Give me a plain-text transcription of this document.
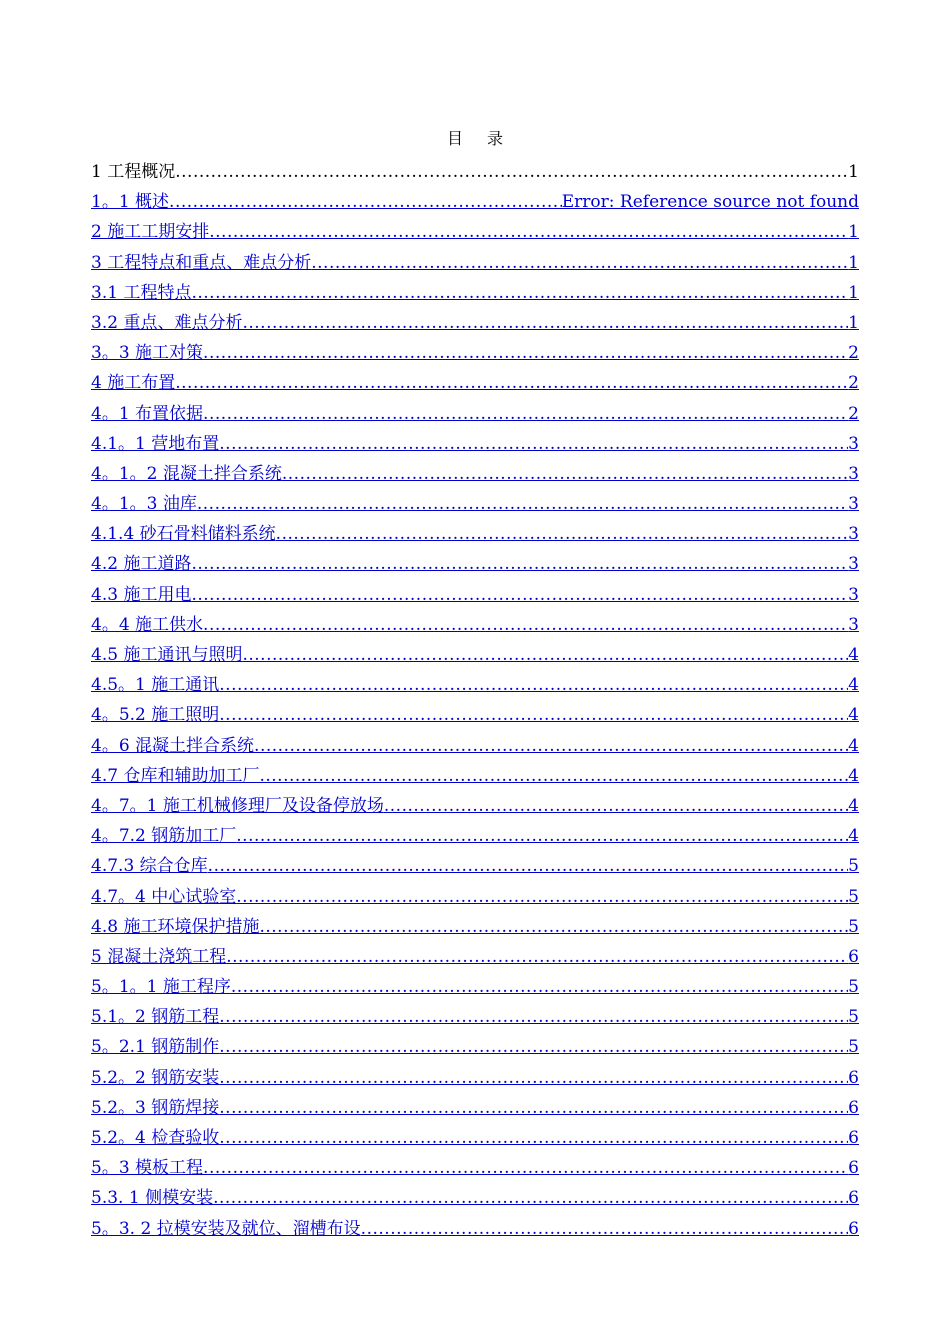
目录
1 工程概况 .....	1
1。1 概述 .....	Error: Reference source not found
2 施工工期安排 .....	1
3 工程特点和重点、难点分析 .....	1
3.1 工程特点 .....	1
3.2 重点、难点分析 .....	1
3。3 施工对策 .....	2
4 施工布置 .....	2
4。1 布置依据 .....	2
4.1。1 营地布置 .....	3
4。1。2 混凝土拌合系统 .....	3
4。1。3 油库 .....	3
4.1.4 砂石骨料储料系统 .....	3
4.2 施工道路 .....	3
4.3 施工用电 .....	3
4。4 施工供水 .....	3
4.5 施工通讯与照明 .....	4
4.5。1 施工通讯 .....	4
4。5.2 施工照明 .....	4
4。6 混凝土拌合系统 .....	4
4.7 仓库和辅助加工厂 .....	4
4。7。1 施工机械修理厂及设备停放场 .....	4
4。7.2 钢筋加工厂 .....	4
4.7.3 综合仓库 .....	5
4.7。4 中心试验室 .....	5
4.8 施工环境保护措施 .....	5
5 混凝土浇筑工程 .....	6
5。1。1 施工程序 .....	5
5.1。2 钢筋工程 .....	5
5。2.1 钢筋制作 .....	5
5.2。2 钢筋安装 .....	6
5.2。3 钢筋焊接 .....	6
5.2。4 检查验收 .....	6
5。3 模板工程 .....	6
5.3. 1 侧模安装 .....	6
5。3. 2 拉模安装及就位、溜槽布设 .....	6
